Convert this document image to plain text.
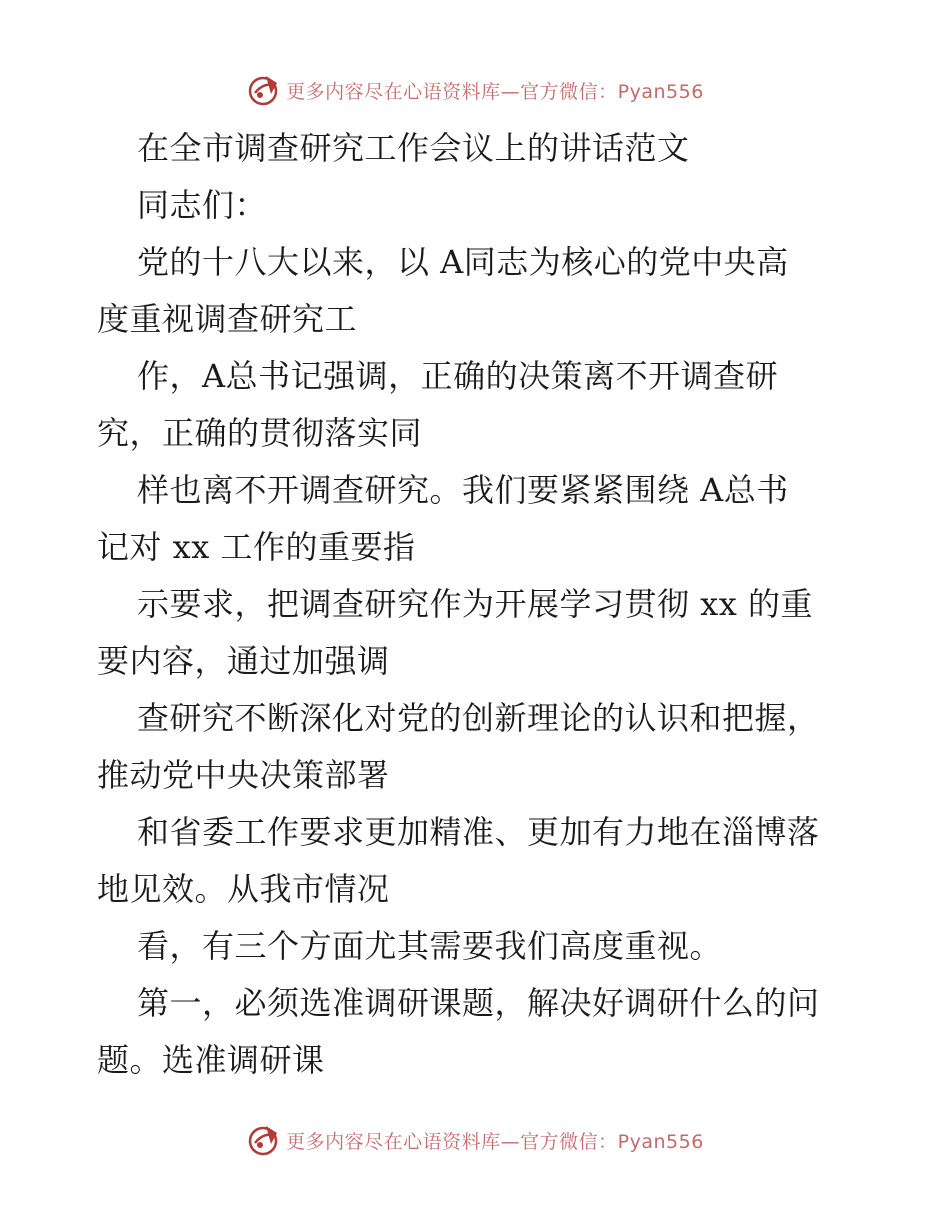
更多内容尽在心语资料库—官方微信：Pyan556
在全市调查研究工作会议上的讲话范文
同志们：
党的十八大以来，以 A同志为核心的党中央高
度重视调查研究工
作，A总书记强调，正确的决策离不开调查研
究，正确的贯彻落实同
样也离不开调查研究。我们要紧紧围绕 A总书
记对 xx 工作的重要指
示要求，把调查研究作为开展学习贯彻 xx 的重
要内容，通过加强调
查研究不断深化对党的创新理论的认识和把握，
推动党中央决策部署
和省委工作要求更加精准、更加有力地在淄博落
地见效。从我市情况
看，有三个方面尤其需要我们高度重视。
第一，必须选准调研课题，解决好调研什么的问
题。选准调研课
更多内容尽在心语资料库—官方微信：Pyan556
